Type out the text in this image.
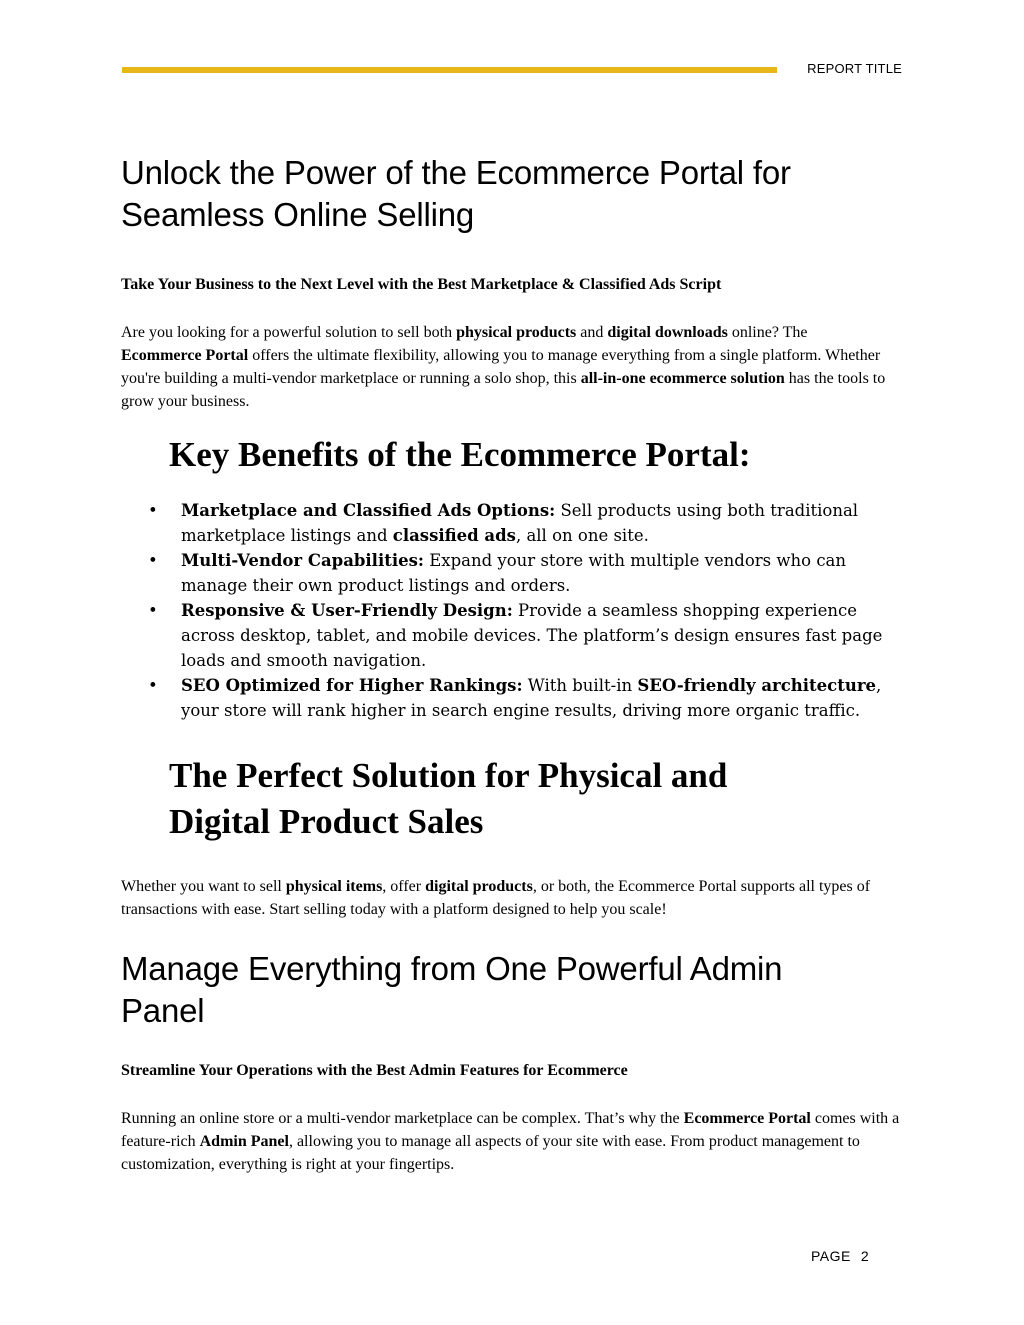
REPORT TITLE
Unlock the Power of the Ecommerce Portal for Seamless Online Selling

Take Your Business to the Next Level with the Best Marketplace & Classified Ads Script

Are you looking for a powerful solution to sell both physical products and digital downloads online? The Ecommerce Portal offers the ultimate flexibility, allowing you to manage everything from a single platform. Whether you're building a multi-vendor marketplace or running a solo shop, this all-in-one ecommerce solution has the tools to grow your business.

Key Benefits of the Ecommerce Portal:
• Marketplace and Classified Ads Options: Sell products using both traditional marketplace listings and classified ads, all on one site.
• Multi-Vendor Capabilities: Expand your store with multiple vendors who can manage their own product listings and orders.
• Responsive & User-Friendly Design: Provide a seamless shopping experience across desktop, tablet, and mobile devices. The platform’s design ensures fast page loads and smooth navigation.
• SEO Optimized for Higher Rankings: With built-in SEO-friendly architecture, your store will rank higher in search engine results, driving more organic traffic.
The Perfect Solution for Physical and Digital Product Sales

Whether you want to sell physical items, offer digital products, or both, the Ecommerce Portal supports all types of transactions with ease. Start selling today with a platform designed to help you scale!

Manage Everything from One Powerful Admin Panel

Streamline Your Operations with the Best Admin Features for Ecommerce

Running an online store or a multi-vendor marketplace can be complex. That’s why the Ecommerce Portal comes with a feature-rich Admin Panel, allowing you to manage all aspects of your site with ease. From product management to customization, everything is right at your fingertips.

PAGE 2
